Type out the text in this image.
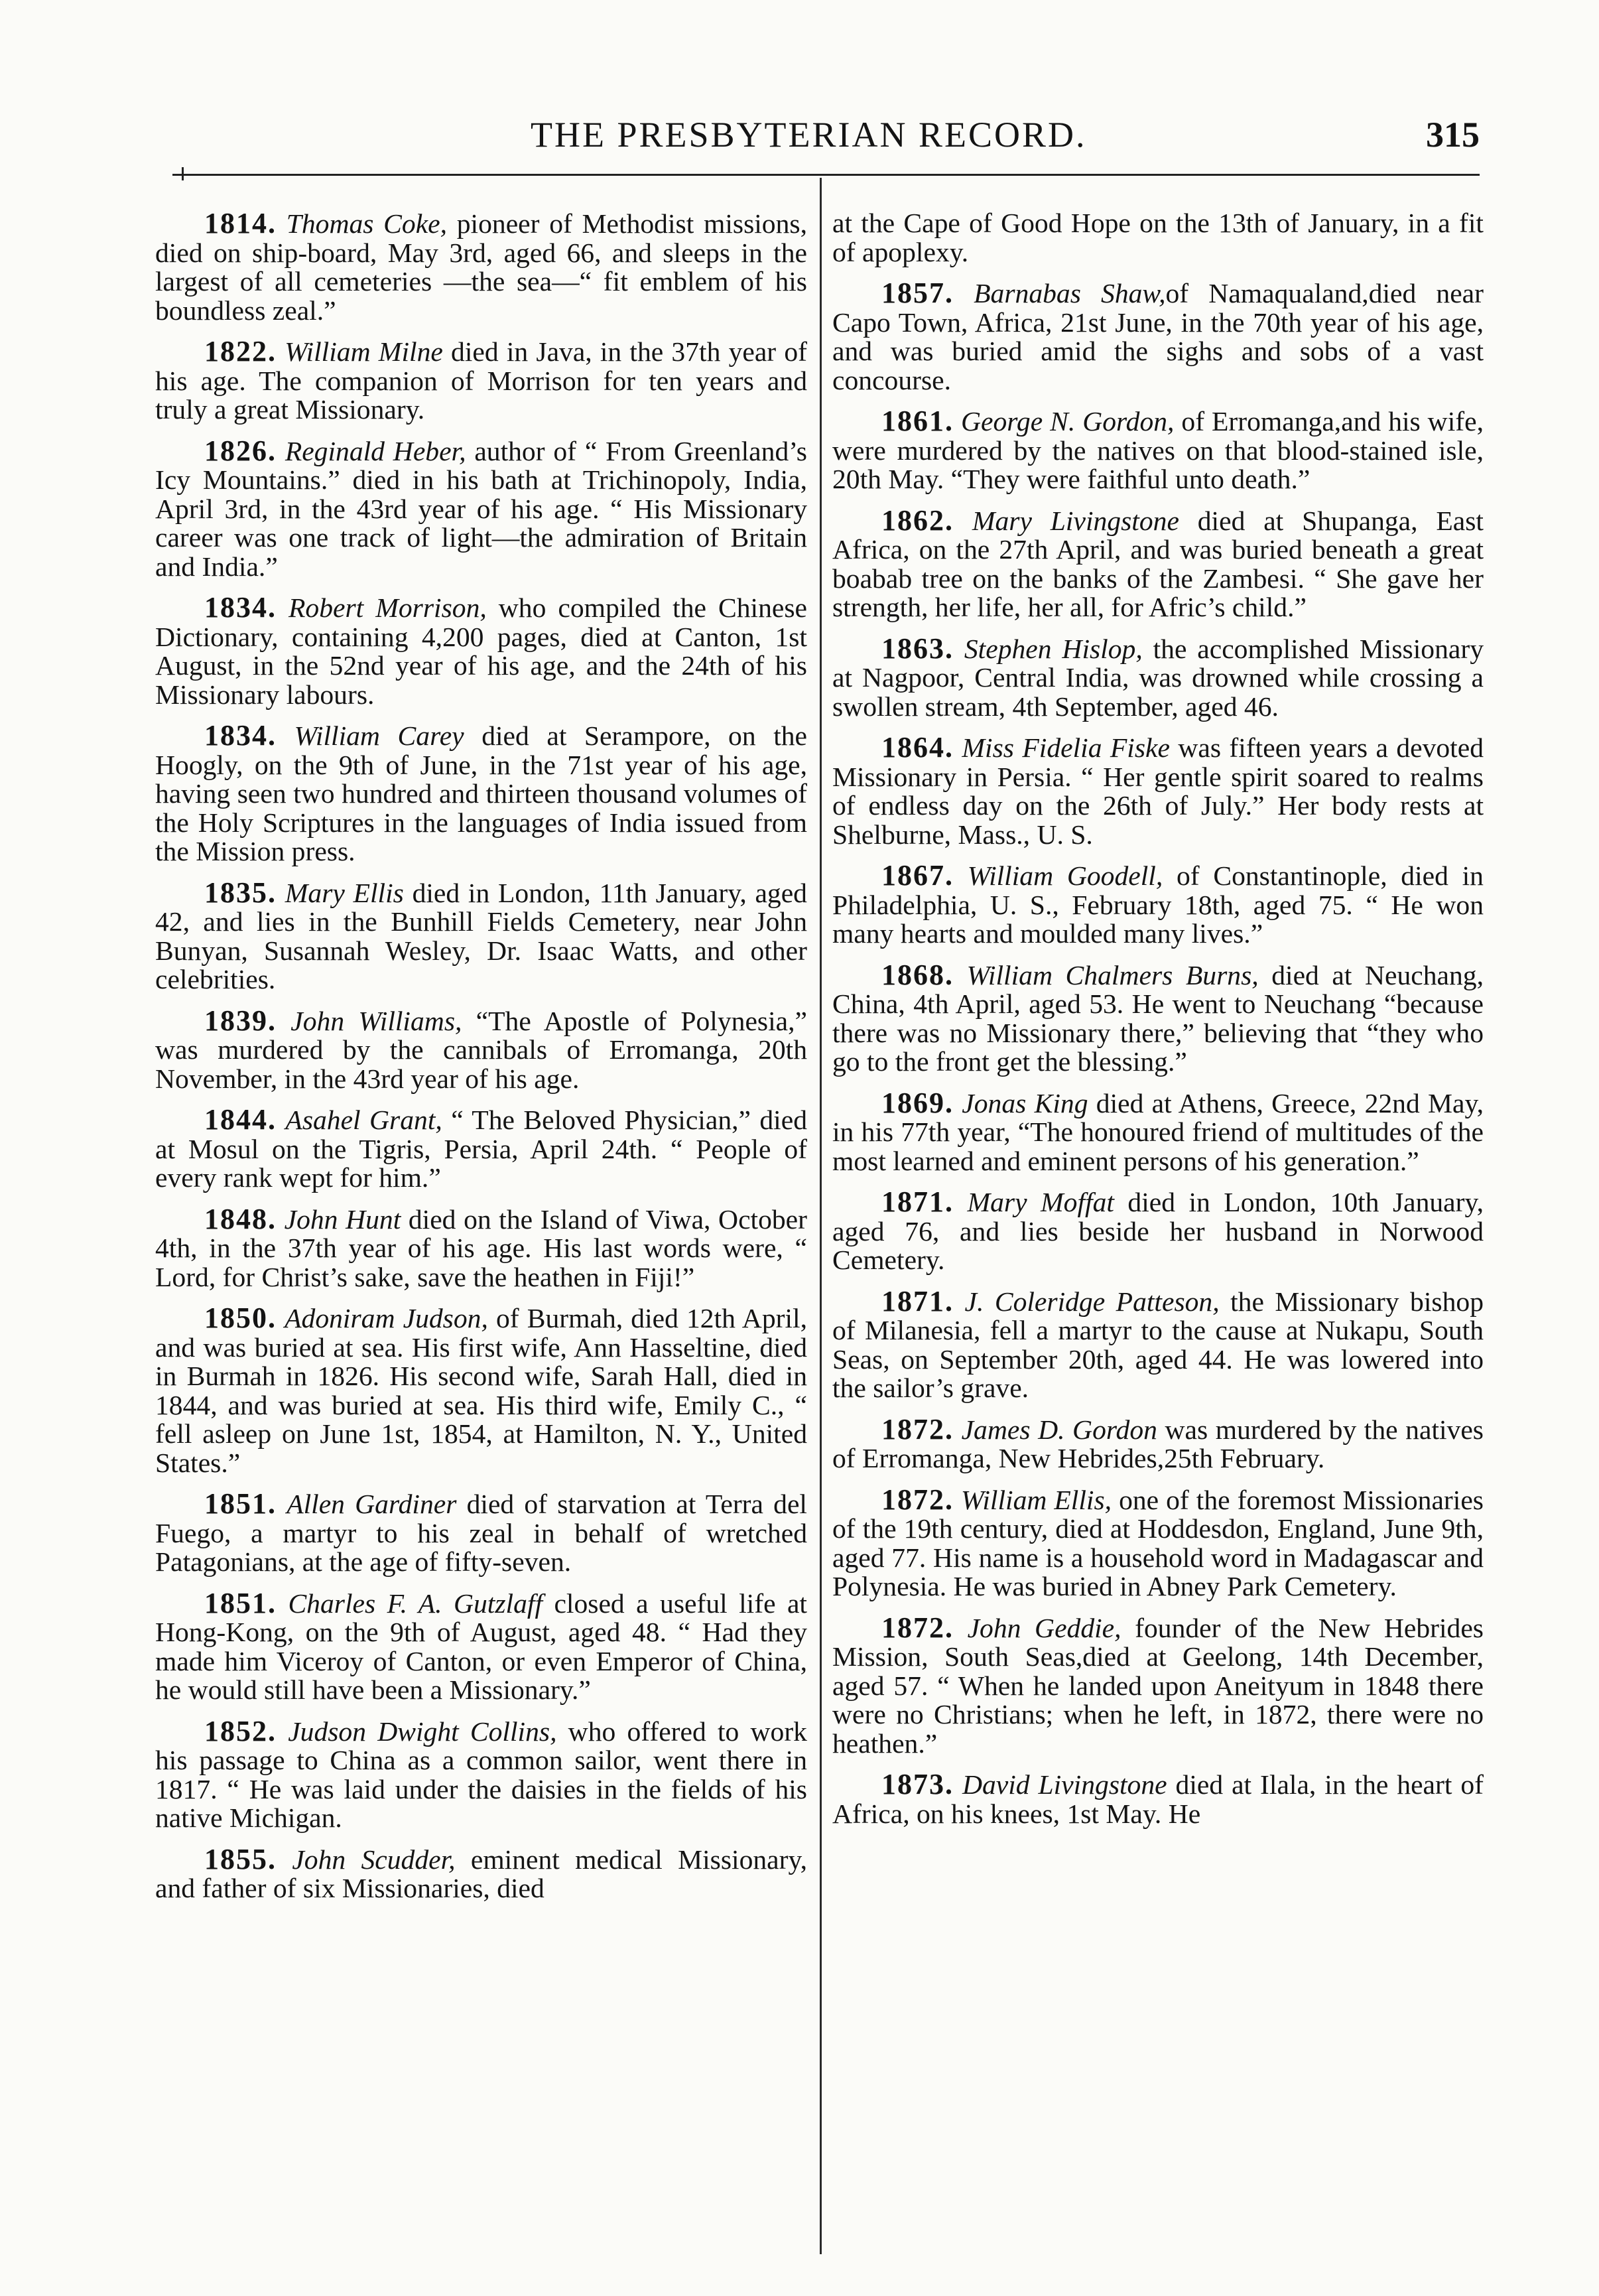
THE PRESBYTERIAN RECORD.	315

1814. Thomas Coke, pioneer of Methodist missions, died on ship-board, May 3rd, aged 66, and sleeps in the largest of all cemeteries —the sea—“ fit emblem of his boundless zeal.”

1822. William Milne died in Java, in the 37th year of his age. The companion of Morrison for ten years and truly a great Missionary.

1826. Reginald Heber, author of “ From Greenland’s Icy Mountains.” died in his bath at Trichinopoly, India, April 3rd, in the 43rd year of his age. “ His Missionary career was one track of light—the admiration of Britain and India.”

1834. Robert Morrison, who compiled the Chinese Dictionary, containing 4,200 pages, died at Canton, 1st August, in the 52nd year of his age, and the 24th of his Missionary labours.

1834. William Carey died at Serampore, on the Hoogly, on the 9th of June, in the 71st year of his age, having seen two hundred and thirteen thousand volumes of the Holy Scriptures in the languages of India issued from the Mission press.

1835. Mary Ellis died in London, 11th January, aged 42, and lies in the Bunhill Fields Cemetery, near John Bunyan, Susannah Wesley, Dr. Isaac Watts, and other celebrities.

1839. John Williams, “The Apostle of Polynesia,” was murdered by the cannibals of Erromanga, 20th November, in the 43rd year of his age.

1844. Asahel Grant, “ The Beloved Physician,” died at Mosul on the Tigris, Persia, April 24th. “ People of every rank wept for him.”

1848. John Hunt died on the Island of Viwa, October 4th, in the 37th year of his age. His last words were, “ Lord, for Christ’s sake, save the heathen in Fiji!”

1850. Adoniram Judson, of Burmah, died 12th April, and was buried at sea. His first wife, Ann Hasseltine, died in Burmah in 1826. His second wife, Sarah Hall, died in 1844, and was buried at sea. His third wife, Emily C., “ fell asleep on June 1st, 1854, at Hamilton, N. Y., United States.”

1851. Allen Gardiner died of starvation at Terra del Fuego, a martyr to his zeal in behalf of wretched Patagonians, at the age of fifty-seven.

1851. Charles F. A. Gutzlaff closed a useful life at Hong-Kong, on the 9th of August, aged 48. “ Had they made him Viceroy of Canton, or even Emperor of China, he would still have been a Missionary.”

1852. Judson Dwight Collins, who offered to work his passage to China as a common sailor, went there in 1817. “ He was laid under the daisies in the fields of his native Michigan.

1855. John Scudder, eminent medical Missionary, and father of six Missionaries, died

at the Cape of Good Hope on the 13th of January, in a fit of apoplexy.

1857. Barnabas Shaw,of Namaqualand,died near Capo Town, Africa, 21st June, in the 70th year of his age, and was buried amid the sighs and sobs of a vast concourse.

1861. George N. Gordon, of Erromanga,and his wife, were murdered by the natives on that blood-stained isle, 20th May. “They were faithful unto death.”

1862. Mary Livingstone died at Shupanga, East Africa, on the 27th April, and was buried beneath a great boabab tree on the banks of the Zambesi. “ She gave her strength, her life, her all, for Afric’s child.”

1863. Stephen Hislop, the accomplished Missionary at Nagpoor, Central India, was drowned while crossing a swollen stream, 4th September, aged 46.

1864. Miss Fidelia Fiske was fifteen years a devoted Missionary in Persia. “ Her gentle spirit soared to realms of endless day on the 26th of July.” Her body rests at Shelburne, Mass., U. S.

1867. William Goodell, of Constantinople, died in Philadelphia, U. S., February 18th, aged 75. “ He won many hearts and moulded many lives.”

1868. William Chalmers Burns, died at Neuchang, China, 4th April, aged 53. He went to Neuchang “because there was no Missionary there,” believing that “they who go to the front get the blessing.”

1869. Jonas King died at Athens, Greece, 22nd May, in his 77th year, “The honoured friend of multitudes of the most learned and eminent persons of his generation.”

1871. Mary Moffat died in London, 10th January, aged 76, and lies beside her husband in Norwood Cemetery.

1871. J. Coleridge Patteson, the Missionary bishop of Milanesia, fell a martyr to the cause at Nukapu, South Seas, on September 20th, aged 44. He was lowered into the sailor’s grave.

1872. James D. Gordon was murdered by the natives of Erromanga, New Hebrides,25th February.

1872. William Ellis, one of the foremost Missionaries of the 19th century, died at Hoddesdon, England, June 9th, aged 77. His name is a household word in Madagascar and Polynesia. He was buried in Abney Park Cemetery.

1872. John Geddie, founder of the New Hebrides Mission, South Seas,died at Geelong, 14th December, aged 57. “ When he landed upon Aneityum in 1848 there were no Christians; when he left, in 1872, there were no heathen.”

1873. David Livingstone died at Ilala, in the heart of Africa, on his knees, 1st May. He
